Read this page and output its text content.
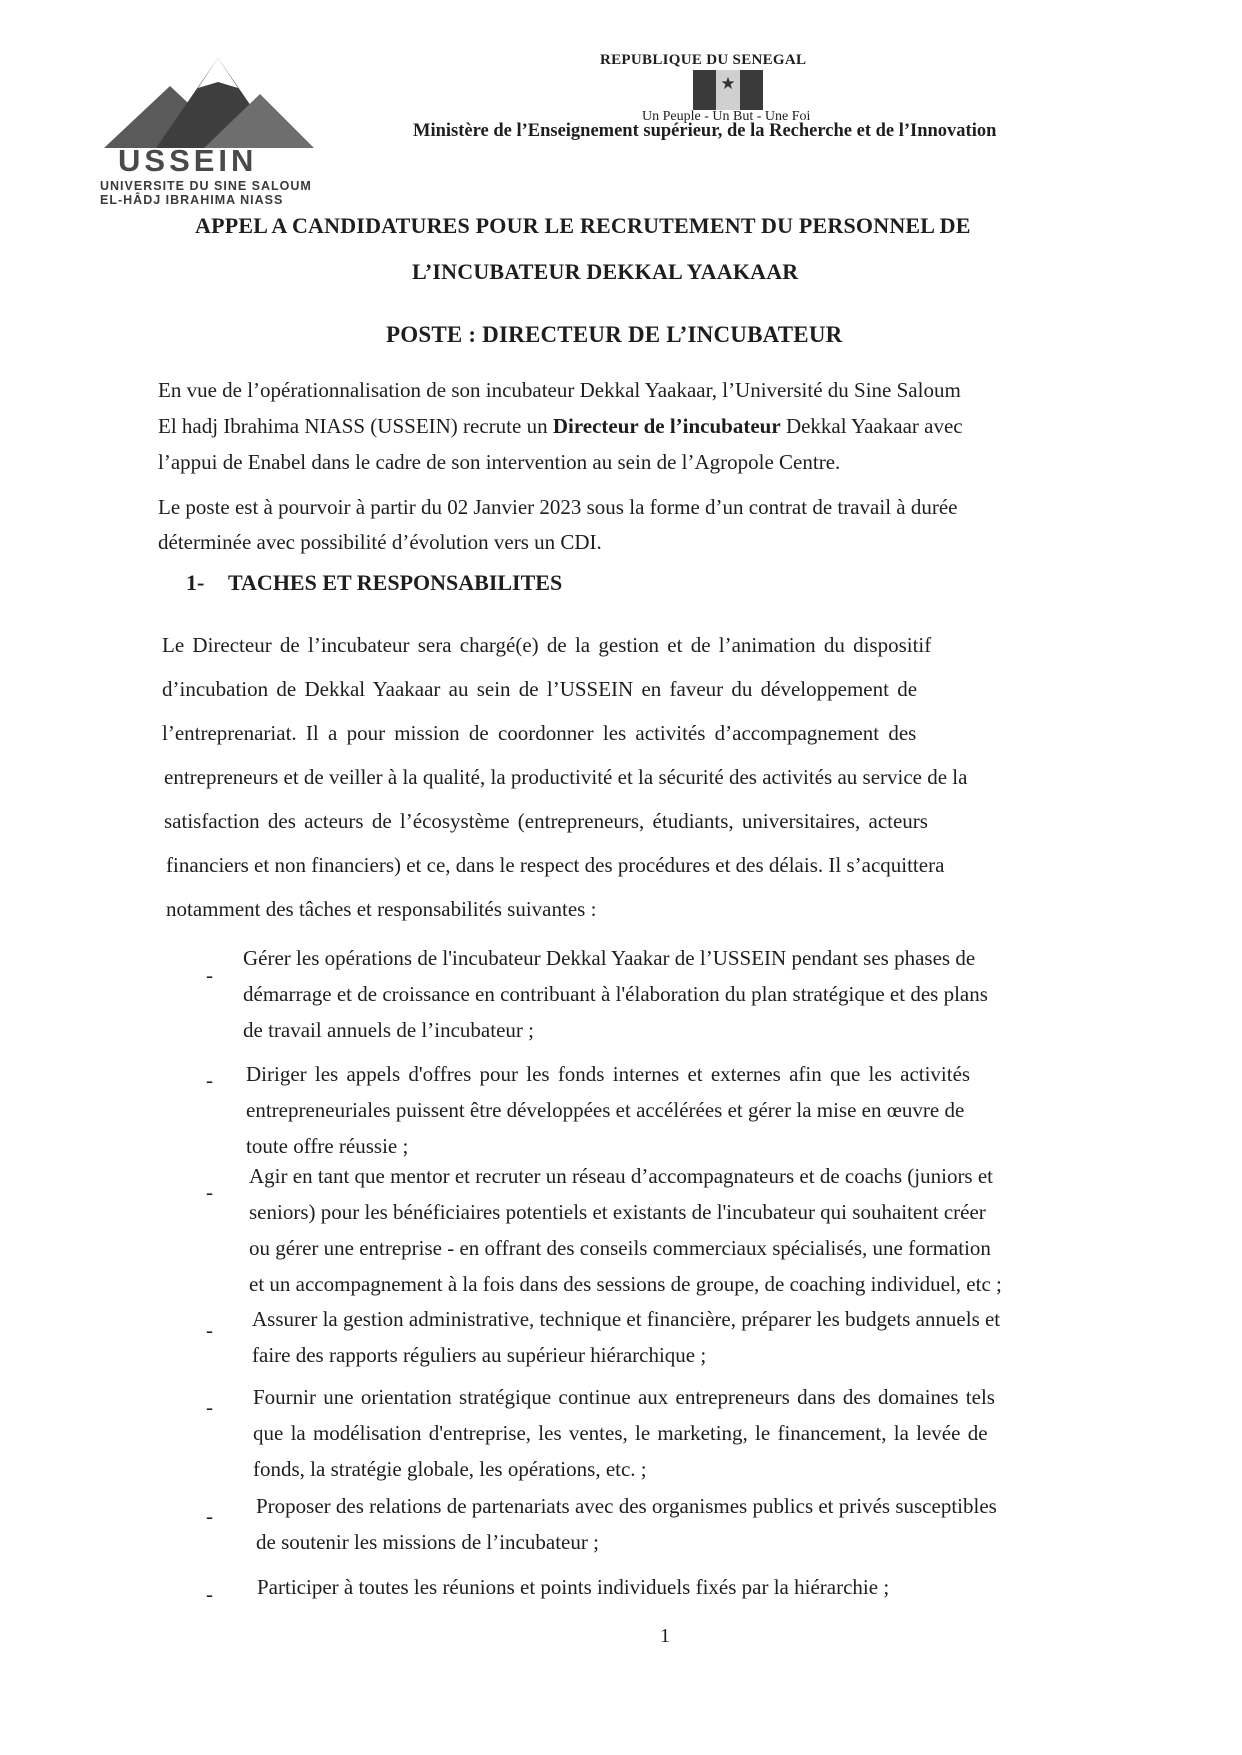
USSEIN
UNIVERSITE DU SINE SALOUM
EL-HÂDJ IBRAHIMA NIASS
REPUBLIQUE DU SENEGAL
★
Un Peuple - Un But - Une Foi
Ministère de l’Enseignement supérieur, de la Recherche et de l’Innovation
APPEL A CANDIDATURES POUR LE RECRUTEMENT DU PERSONNEL DE
L’INCUBATEUR DEKKAL YAAKAAR
POSTE : DIRECTEUR DE L’INCUBATEUR
En vue de l’opérationnalisation de son incubateur Dekkal Yaakaar, l’Université du Sine Saloum
El hadj Ibrahima NIASS (USSEIN) recrute un Directeur de l’incubateur Dekkal Yaakaar avec
l’appui de Enabel dans le cadre de son intervention au sein de l’Agropole Centre.
Le poste est à pourvoir à partir du 02 Janvier 2023 sous la forme d’un contrat de travail à durée
déterminée avec possibilité d’évolution vers un CDI.
1- TACHES ET RESPONSABILITES
Le Directeur de l’incubateur sera chargé(e) de la gestion et de l’animation du dispositif
d’incubation de Dekkal Yaakaar au sein de l’USSEIN en faveur du développement de
l’entreprenariat. Il a pour mission de coordonner les activités d’accompagnement des
entrepreneurs et de veiller à la qualité, la productivité et la sécurité des activités au service de la
satisfaction des acteurs de l’écosystème (entrepreneurs, étudiants, universitaires, acteurs
financiers et non financiers) et ce, dans le respect des procédures et des délais. Il s’acquittera
notamment des tâches et responsabilités suivantes :
-
Gérer les opérations de l'incubateur Dekkal Yaakar de l’USSEIN pendant ses phases de
démarrage et de croissance en contribuant à l'élaboration du plan stratégique et des plans
de travail annuels de l’incubateur ;
- Diriger les appels d'offres pour les fonds internes et externes afin que les activités
entrepreneuriales puissent être développées et accélérées et gérer la mise en œuvre de
toute offre réussie ;
-
Agir en tant que mentor et recruter un réseau d’accompagnateurs et de coachs (juniors et
seniors) pour les bénéficiaires potentiels et existants de l'incubateur qui souhaitent créer
ou gérer une entreprise - en offrant des conseils commerciaux spécialisés, une formation
et un accompagnement à la fois dans des sessions de groupe, de coaching individuel, etc ;
- Assurer la gestion administrative, technique et financière, préparer les budgets annuels et
faire des rapports réguliers au supérieur hiérarchique ;
- Fournir une orientation stratégique continue aux entrepreneurs dans des domaines tels
que la modélisation d'entreprise, les ventes, le marketing, le financement, la levée de
fonds, la stratégie globale, les opérations, etc. ;
- Proposer des relations de partenariats avec des organismes publics et privés susceptibles
de soutenir les missions de l’incubateur ;
- Participer à toutes les réunions et points individuels fixés par la hiérarchie ;
1
